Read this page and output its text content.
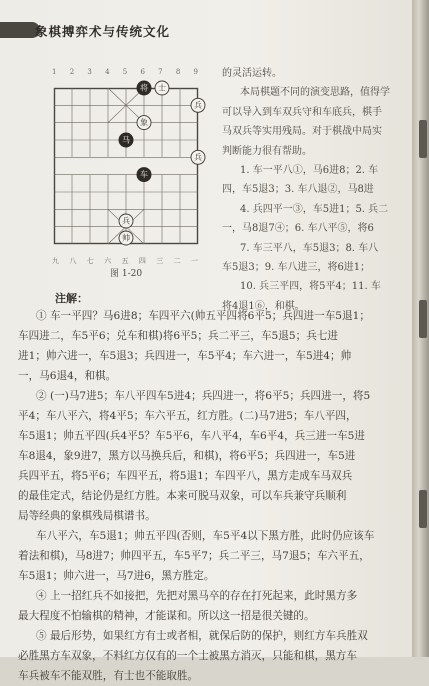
象棋搏弈术与传统文化
1 2 3 4 5 6 7 8 9
将 士
象
兵
马
兵
车
兵
帅
九 八 七 六 五 四 三 二 一
图 1-20

的灵活运转。

本局棋题不同的演变思路，值得学

可以导入到车双兵守和车底兵，棋手

马双兵等实用残局。对于棋战中局实

判断能力很有帮助。

1. 车一平八①，马6进8；2. 车

四，车5退3；3. 车八退②，马8进

4. 兵四平一③，车5进1；5. 兵二

一，马8退7④；6. 车八平⑤，将6

7. 车三平八，车5退3；8. 车八

车5退3；9. 车八进三，将6进1；

10. 兵三平四，将5平4；11. 车

将4退1⑥，和棋。

注解：

① 车一平四？马6进8；车四平六(帅五平四将6平5；兵四进一车5退1；

车四进二，车5平6；兑车和棋)将6平5；兵二平三，车5退5；兵七进

进1；帅六进一，车5退3；兵四进一，车5平4；车六进一，车5进4；帅

一，马6退4，和棋。

② (一)马7进5；车八平四车5进4；兵四进一，将6平5；兵四进一，将5

平4；车八平六，将4平5；车六平五，红方胜。(二)马7进5；车八平四，

车5退1；帅五平四(兵4平5？车5平6，车八平4，车6平4，兵三进一车5进

车8退4，象9进7，黑方以马换兵后，和棋)，将6平5；兵四进一，车5进

兵四平五，将5平6；车四平五，将5退1；车四平八，黑方走成车马双兵

的最佳定式，结论仍是红方胜。本来可脱马双象，可以车兵兼守兵顺利

局等经典的象棋残局棋谱书。

车八平六，车5退1；帅五平四(否则，车5平4以下黑方胜，此时仍应该车

着法和棋)，马8进7；帅四平五，车5平7；兵二平三，马7退5；车六平五，

车5退1；帅六进一，马7进6，黑方胜定。

④ 上一招红兵不如接把，先把对黑马卒的存在打死起来，此时黑方多

最大程度不怕输棋的精神，才能谋和。所以这一招是很关键的。

⑤ 最后形势，如果红方有士或者相，就保后防的保护，则红方车兵胜双

必胜黑方车双象，不料红方仅有的一个士被黑方消灭，只能和棋，黑方车

车兵被车不能双胜，有士也不能取胜。
